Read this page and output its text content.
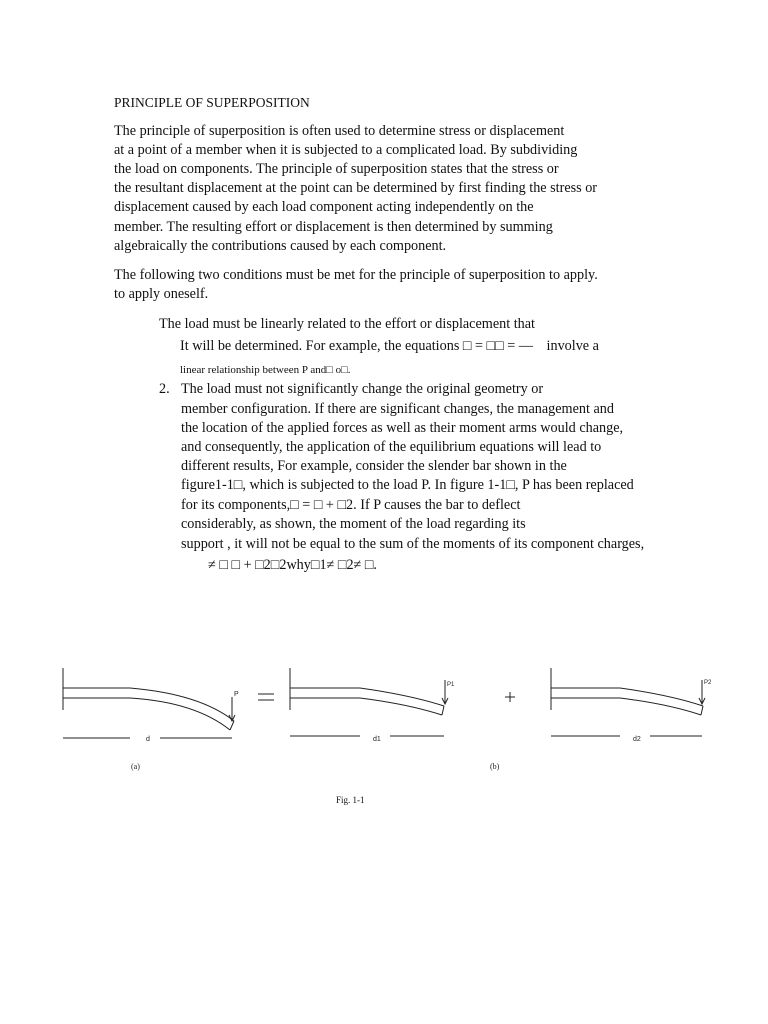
PRINCIPLE OF SUPERPOSITION
The principle of superposition is often used to determine stress or displacement
at a point of a member when it is subjected to a complicated load. By subdividing
the load on components. The principle of superposition states that the stress or
the resultant displacement at the point can be determined by first finding the stress or
displacement caused by each load component acting independently on the
member. The resulting effort or displacement is then determined by summing
algebraically the contributions caused by each component.
The following two conditions must be met for the principle of superposition to apply.
to apply oneself.
The load must be linearly related to the effort or displacement that
It will be determined. For example, the equations □ = □□ = — involve a
linear relationship between P and□ o□.
2. The load must not significantly change the original geometry or
member configuration. If there are significant changes, the management and
the location of the applied forces as well as their moment arms would change,
and consequently, the application of the equilibrium equations will lead to
different results, For example, consider the slender bar shown in the
figure1-1□, which is subjected to the load P. In figure 1-1□, P has been replaced
for its components,□ = □ + □2. If P causes the bar to deflect
considerably, as shown, the moment of the load regarding its
support , it will not be equal to the sum of the moments of its component charges,
≠ □ □ + □2□2why□1≠ □2≠ □.
P
d
P1
d1
P2
d2
(a)	(b)
Fig. 1-1
